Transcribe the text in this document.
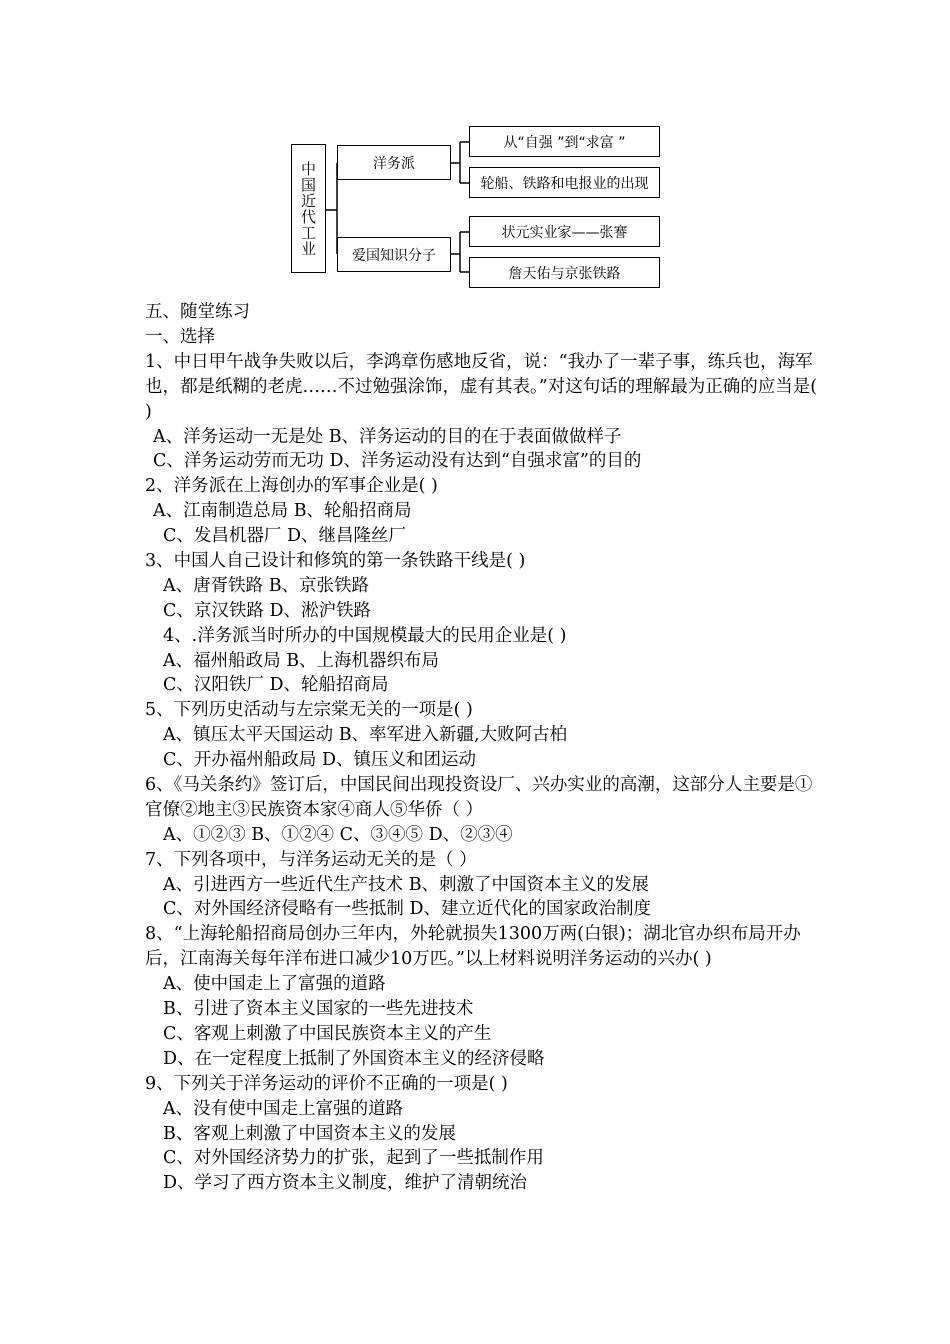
中国近代工业	洋务派
爱国知识分子
从“自强 ”到“求富 ”
轮船、铁路和电报业的出现
状元实业家——张謇
詹天佑与京张铁路
五、随堂练习
一、选择
1、中日甲午战争失败以后，李鸿章伤感地反省，说：“我办了一辈子事，练兵也，海军也，都是纸糊的老虎……不过勉强涂饰，虚有其表。”对这句话的理解最为正确的应当是( )
A、洋务运动一无是处 B、洋务运动的目的在于表面做做样子
C、洋务运动劳而无功 D、洋务运动没有达到“自强求富”的目的
2、洋务派在上海创办的军事企业是( )
A、江南制造总局 B、轮船招商局
C、发昌机器厂 D、继昌隆丝厂
3、中国人自己设计和修筑的第一条铁路干线是( )
A、唐胥铁路 B、京张铁路
C、京汉铁路 D、淞沪铁路
4、.洋务派当时所办的中国规模最大的民用企业是( )
A、福州船政局 B、上海机器织布局
C、汉阳铁厂 D、轮船招商局
5、下列历史活动与左宗棠无关的一项是( )
A、镇压太平天国运动 B、率军进入新疆,大败阿古柏
C、开办福州船政局 D、镇压义和团运动
6、《马关条约》签订后，中国民间出现投资设厂、兴办实业的高潮，这部分人主要是①官僚②地主③民族资本家④商人⑤华侨（ ）
A、①②③ B、①②④ C、③④⑤ D、②③④
7、下列各项中，与洋务运动无关的是（ ）
A、引进西方一些近代生产技术 B、刺激了中国资本主义的发展
C、对外国经济侵略有一些抵制 D、建立近代化的国家政治制度
8、“上海轮船招商局创办三年内，外轮就损失1300万两(白银)；湖北官办织布局开办后，江南海关每年洋布进口减少10万匹。”以上材料说明洋务运动的兴办( )
A、使中国走上了富强的道路
B、引进了资本主义国家的一些先进技术
C、客观上刺激了中国民族资本主义的产生
D、在一定程度上抵制了外国资本主义的经济侵略
9、下列关于洋务运动的评价不正确的一项是( )
A、没有使中国走上富强的道路
B、客观上刺激了中国资本主义的发展
C、对外国经济势力的扩张，起到了一些抵制作用
D、学习了西方资本主义制度，维护了清朝统治
